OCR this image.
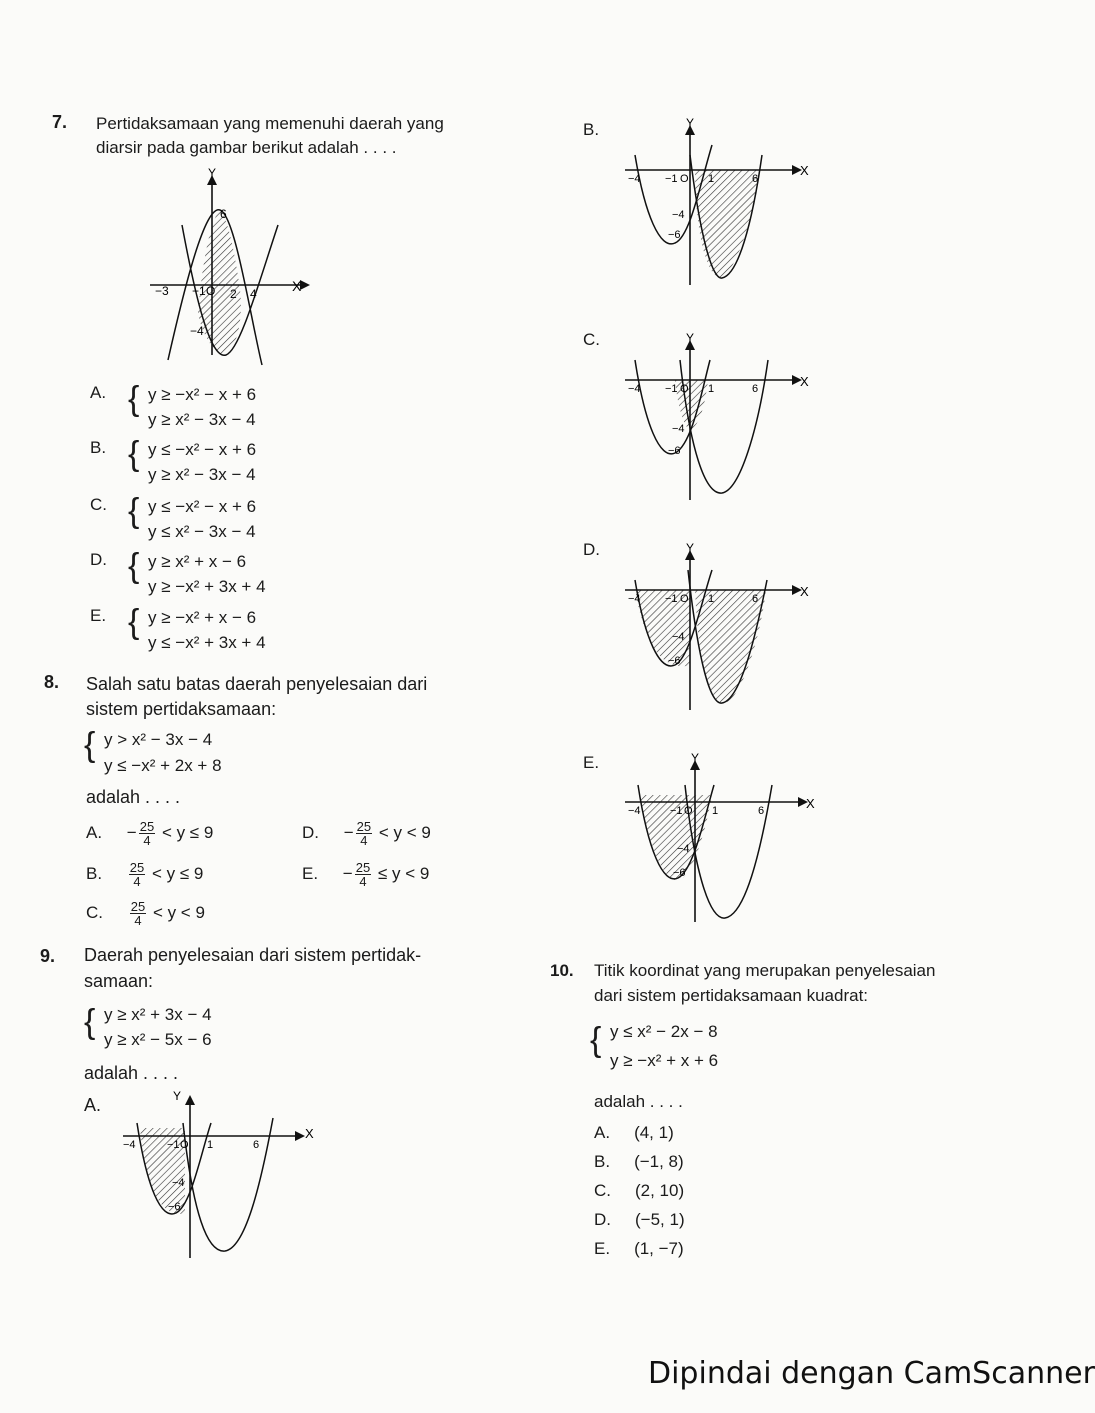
7. Pertidaksamaan yang memenuhi daerah yang
diarsir pada gambar berikut adalah . . . .
Y
X
−3 −1 O 2 4
6
−4
A. { y ≥ −x² − x + 6
y ≥ x² − 3x − 4
B. { y ≤ −x² − x + 6
y ≥ x² − 3x − 4
C. { y ≤ −x² − x + 6
y ≤ x² − 3x − 4
D. { y ≥ x² + x − 6
y ≥ −x² + 3x + 4
E. { y ≥ −x² + x − 6
y ≤ −x² + 3x + 4
B.	Y
X
−4 −1 O 1	6
−4
−6
C.	Y
X
−4 −1 O 1	6
−4
−6
D.	Y
X
−4 −1 O 1	6
−4
−6
E.	Y
X
−4	−1 O 1	6
−4
−6
8. Salah satu batas daerah penyelesaian dari
sistem pertidaksamaan:
{ y > x² − 3x − 4
y ≤ −x² + 2x + 8
adalah . . . .
A. − $\frac{25}{4} < y \le 9$	D. − $\frac{25}{4} < y < 9$
B. $\frac{25}{4} < y \le 9$	E. − $\frac{25}{4} \le y < 9$
C. $\frac{25}{4} < y < 9$
9. Daerah penyelesaian dari sistem pertidak-
samaan:
{ y ≥ x² + 3x − 4
y ≥ x² − 5x − 6
adalah . . . .
A.	Y
X
−4	−1 O 1	6
−4
−6
10. Titik koordinat yang merupakan penyelesaian
dari sistem pertidaksamaan kuadrat:
{ y ≤ x² − 2x − 8
y ≥ −x² + x + 6
adalah . . . .
A. (4, 1)
B. (−1, 8)
C. (2, 10)
D. (−5, 1)
E. (1, −7)
Dipindai dengan CamScanner
